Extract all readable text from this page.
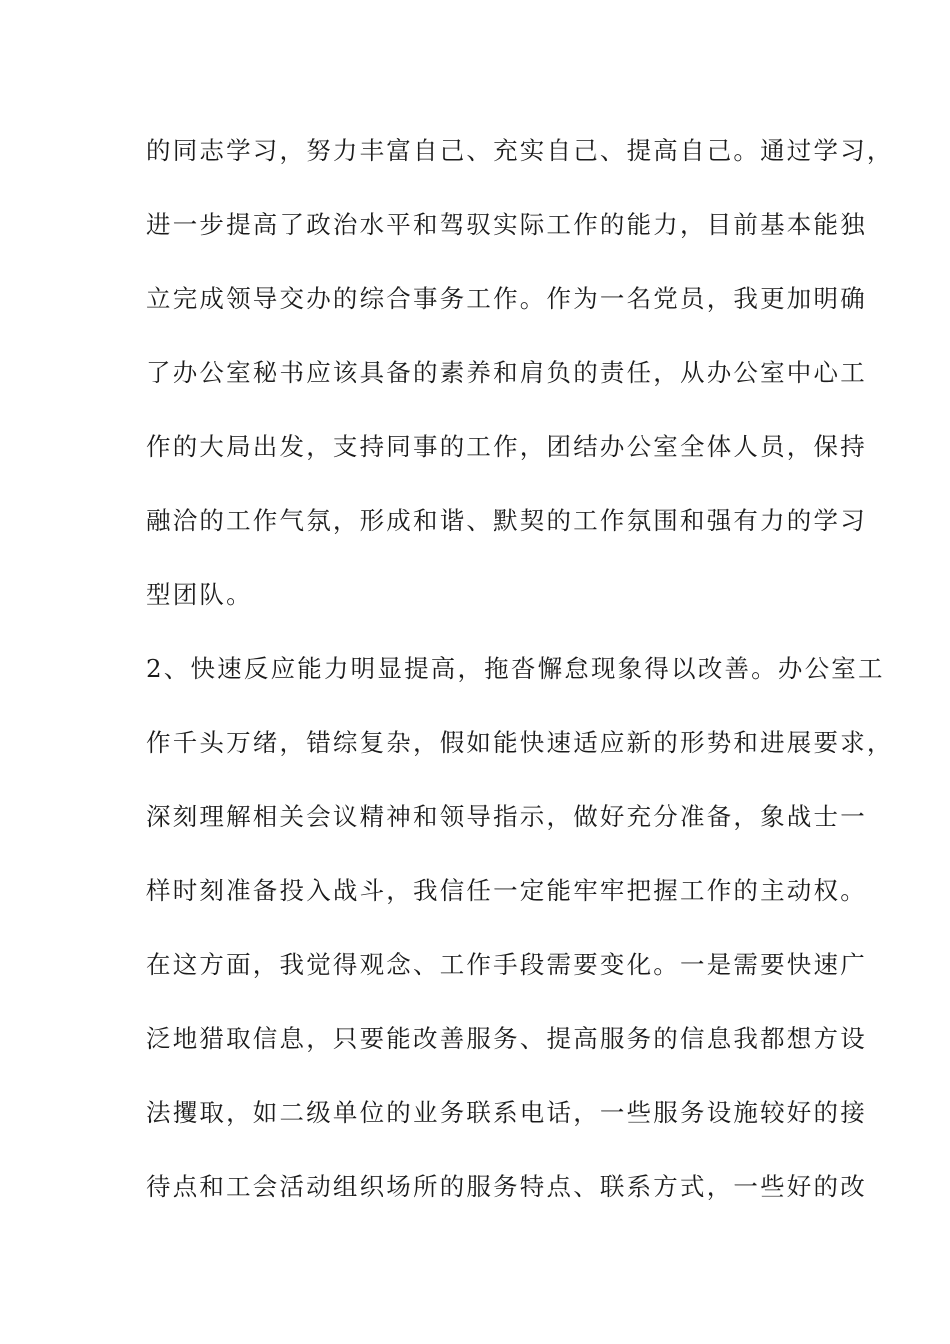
的同志学习，努力丰富自己、充实自己、提高自己。通过学习，
进一步提高了政治水平和驾驭实际工作的能力，目前基本能独
立完成领导交办的综合事务工作。作为一名党员，我更加明确
了办公室秘书应该具备的素养和肩负的责任，从办公室中心工
作的大局出发，支持同事的工作，团结办公室全体人员，保持
融洽的工作气氛，形成和谐、默契的工作氛围和强有力的学习
型团队。
2、快速反应能力明显提高，拖沓懈怠现象得以改善。办公室工
作千头万绪，错综复杂，假如能快速适应新的形势和进展要求，
深刻理解相关会议精神和领导指示，做好充分准备，象战士一
样时刻准备投入战斗，我信任一定能牢牢把握工作的主动权。
在这方面，我觉得观念、工作手段需要变化。一是需要快速广
泛地猎取信息，只要能改善服务、提高服务的信息我都想方设
法攫取，如二级单位的业务联系电话，一些服务设施较好的接
待点和工会活动组织场所的服务特点、联系方式，一些好的改
